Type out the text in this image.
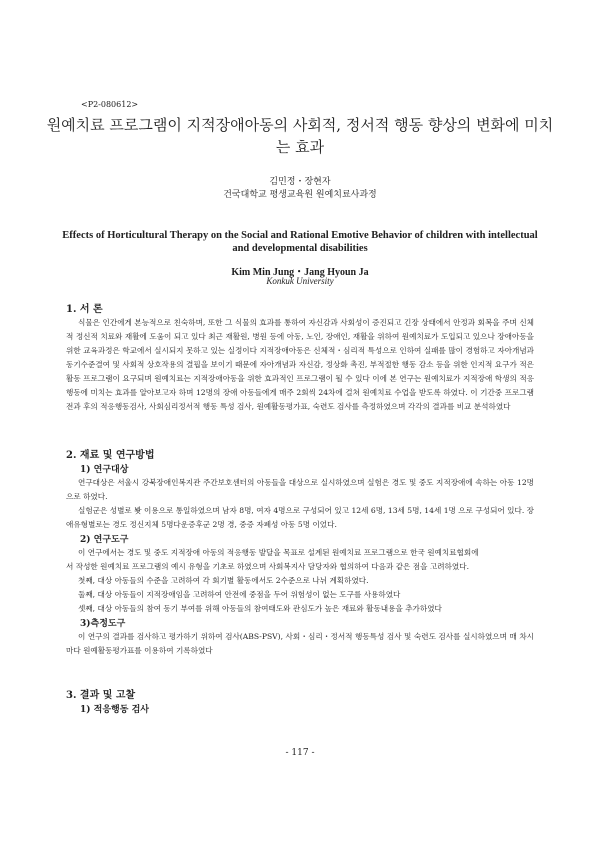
<P2-080612>
원예치료 프로그램이 지적장애아동의 사회적, 정서적 행동 향상의 변화에 미치는 효과
김민정・장현자
건국대학교 평생교육원 원예치료사과정
Effects of Horticultural Therapy on the Social and Rational Emotive Behavior of children with intellectual and developmental disabilities
Kim Min Jung・Jang Hyoun Ja
Konkuk University
1. 서 론
식물은 인간에게 본능적으로 친숙하며, 또한 그 식물의 효과를 통하여 자신감과 사회성이 증진되고 긴장 상태에서 안정과 회복을 주며 신체적 정신적 치료와 재활에 도움이 되고 있다 최근 재활원, 병원 등에 아동, 노인, 장애인, 재활을 위하여 원예치료가 도입되고 있으나 장애아동을 위한 교육과정은 학교에서 실시되지 못하고 있는 실정이다 지적장애아동은 신체적・심리적 특성으로 인하여 실패를 많이 경험하고 자아개념과 동기수준결여 및 사회적 상호작용의 결핍을 보이기 때문에 자아개념과 자신감, 정상화 촉진, 부적절한 행동 감소 등을 위한 인지적 요구가 적은 활동 프로그램이 요구되며 원예치료는 지적장애아동을 위한 효과적인 프로그램이 될 수 있다 이에 본 연구는 원예치료가 지적장애 학생의 적응행동에 미치는 효과를 알아보고자 하며 12명의 장애 아동들에게 매주 2회씩 24차에 걸쳐 원예치료 수업을 받도록 하였다. 이 기간중 프로그램 전과 후의 적응행동검사, 사회심리정서적 행동 특성 검사, 원예활동평가표, 숙련도 검사를 측정하였으며 각각의 결과를 비교 분석하였다
2. 재료 및 연구방법
1) 연구대상
연구대상은 서울시 강북장애인복지관 주간보호센터의 아동들을 대상으로 실시하였으며 실험은 경도 및 중도 지적장애에 속하는 아동 12명으로 하였다.
실험군은 성별로 봣 이용으로 통일하였으며 남자 8명, 여자 4명으로 구성되어 있고 12세 6명, 13세 5명, 14세 1명 으로 구성되어 있다. 장애유형별로는 경도 정신지체 5명다운증후군 2명 경, 중증 자폐성 아동 5명 이었다.
2) 연구도구
이 연구에서는 경도 및 중도 지적장애 아동의 적응행동 발달을 목표로 설계된 원예치료 프로그램으로 한국 원예치료협회에
서 작성한 원예치료 프로그램의 예시 유형을 기초로 하였으며 사회복지사 담당자와 협의하여 다음과 같은 점을 고려하였다.
첫째, 대상 아동들의 수준을 고려하여 각 회기별 활동에서도 2수준으로 나뉘 계획하였다.
둘째, 대상 아동들이 지적장애임을 고려하여 안전에 중점을 두어 위험성이 없는 도구를 사용하였다
셋째, 대상 아동들의 참여 동기 부여를 위해 아동들의 참여태도와 관심도가 높은 재료와 활동내용을 추가하였다
3)측정도구
이 연구의 결과를 검사하고 평가하기 위하여 검사(ABS-PSV), 사회・심리・정서적 행동특성 검사 및 숙련도 검사를 실시하였으며 매 차시마다 원예활동평가표를 이용하여 기록하였다
3. 결과 및 고찰
1) 적응행동 검사
- 117 -
